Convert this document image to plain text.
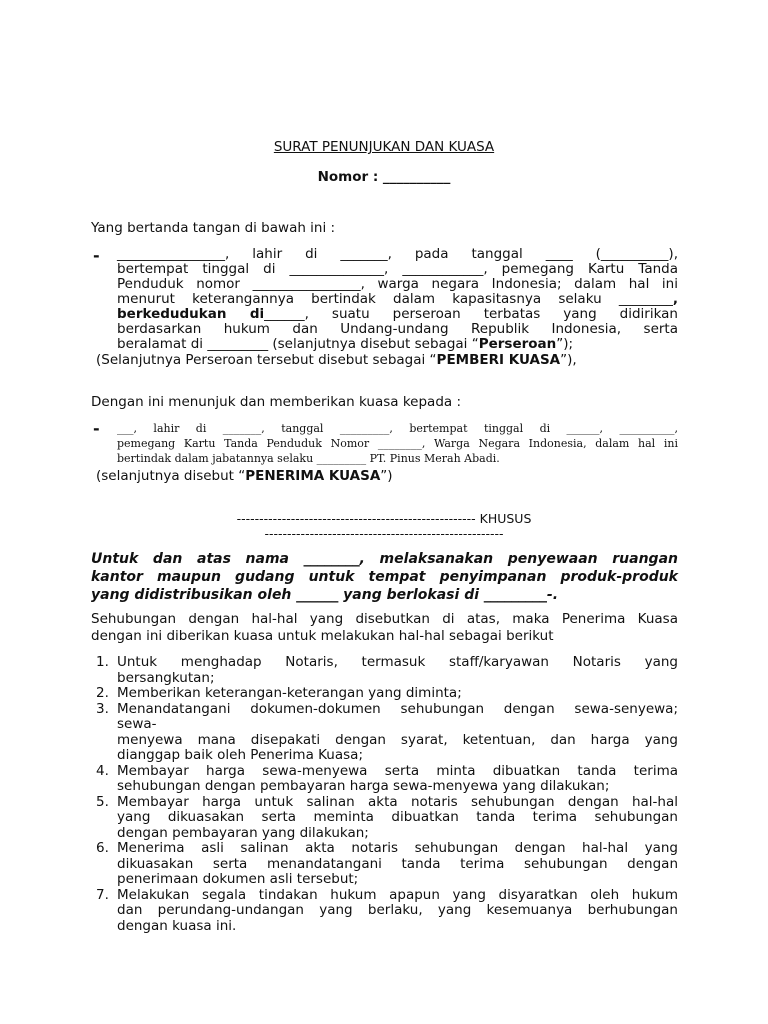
SURAT PENUNJUKAN DAN KUASA
Nomor : __________
Yang bertanda tangan di bawah ini :
- ________________, lahir di _______, pada tanggal ____ (__________),
bertempat tinggal di ______________, ____________, pemegang Kartu Tanda
Penduduk nomor ________________, warga negara Indonesia; dalam hal ini
menurut keterangannya bertindak dalam kapasitasnya selaku ________,
berkedudukan di______, suatu perseroan terbatas yang didirikan
berdasarkan hukum dan Undang-undang Republik Indonesia, serta
beralamat di _________ (selanjutnya disebut sebagai “Perseroan”);
(Selanjutnya Perseroan tersebut disebut sebagai “PEMBERI KUASA”),
Dengan ini menunjuk dan memberikan kuasa kepada :
- ___, lahir di _______, tanggal _________, bertempat tinggal di ______, __________,
pemegang Kartu Tanda Penduduk Nomor ________, Warga Negara Indonesia, dalam hal ini
bertindak dalam jabatannya selaku _________ PT. Pinus Merah Abadi.
(selanjutnya disebut “PENERIMA KUASA”)
----------------------------------------------------- KHUSUS
-----------------------------------------------------
Untuk dan atas nama ________, melaksanakan penyewaan ruangan
kantor maupun gudang untuk tempat penyimpanan produk-produk
yang didistribusikan oleh ______ yang berlokasi di _________-.
Sehubungan dengan hal-hal yang disebutkan di atas, maka Penerima Kuasa
dengan ini diberikan kuasa untuk melakukan hal-hal sebagai berikut
1. Untuk menghadap Notaris, termasuk staff/karyawan Notaris yang
bersangkutan;
2. Memberikan keterangan-keterangan yang diminta;
3. Menandatangani dokumen-dokumen sehubungan dengan sewa-senyewa;
sewa-
menyewa mana disepakati dengan syarat, ketentuan, dan harga yang
dianggap baik oleh Penerima Kuasa;
4. Membayar harga sewa-menyewa serta minta dibuatkan tanda terima
sehubungan dengan pembayaran harga sewa-menyewa yang dilakukan;
5. Membayar harga untuk salinan akta notaris sehubungan dengan hal-hal
yang dikuasakan serta meminta dibuatkan tanda terima sehubungan
dengan pembayaran yang dilakukan;
6. Menerima asli salinan akta notaris sehubungan dengan hal-hal yang
dikuasakan serta menandatangani tanda terima sehubungan dengan
penerimaan dokumen asli tersebut;
7. Melakukan segala tindakan hukum apapun yang disyaratkan oleh hukum
dan perundang-undangan yang berlaku, yang kesemuanya berhubungan
dengan kuasa ini.
